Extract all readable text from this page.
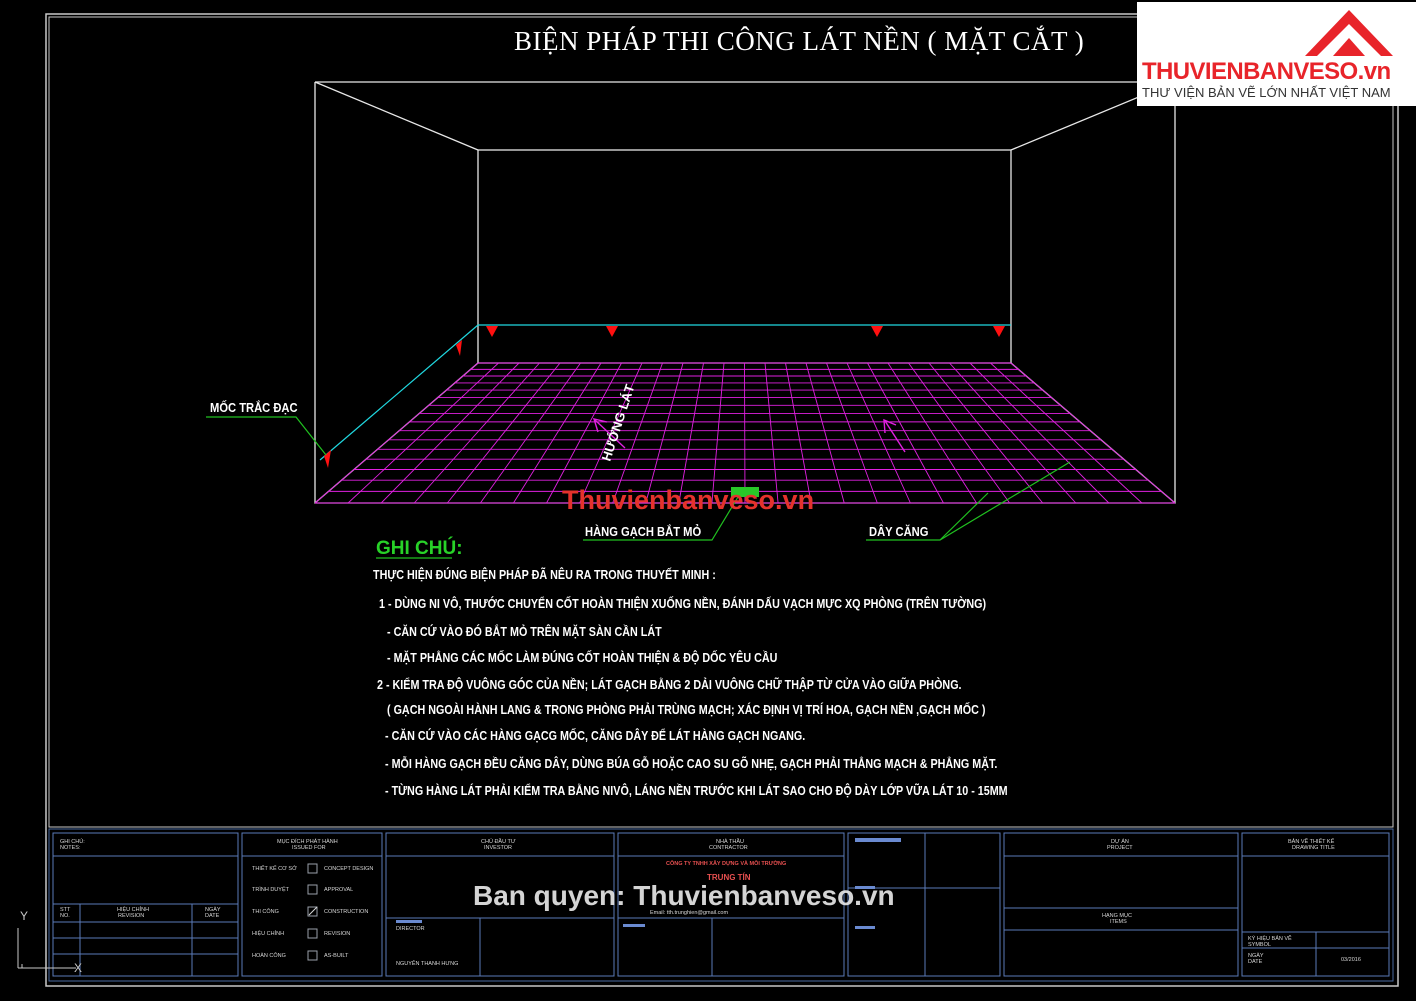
Y
X
HƯỚNG LÁT
BIỆN PHÁP THI CÔNG LÁT NỀN ( MẶT CẮT )
MỐC TRẮC ĐẠC
HÀNG GẠCH BẮT MỎ	DÂY CĂNG
GHI CHÚ:
THỰC HIỆN ĐÚNG BIỆN PHÁP ĐÃ NÊU RA TRONG THUYẾT MINH :
1 - DÙNG NI VÔ, THƯỚC CHUYỂN CỐT HOÀN THIỆN XUỐNG NỀN, ĐÁNH DẤU VẠCH MỰC XQ PHÒNG (TRÊN TƯỜNG)
- CĂN CỨ VÀO ĐÓ BẮT MỎ TRÊN MẶT SÀN CẦN LÁT
- MẶT PHẲNG CÁC MỐC LÀM ĐÚNG CỐT HOÀN THIỆN & ĐỘ DỐC YÊU CẦU
2 - KIỂM TRA ĐỘ VUÔNG GÓC CỦA NỀN; LÁT GẠCH BẰNG 2 DẢI VUÔNG CHỮ THẬP TỪ CỬA VÀO GIỮA PHÒNG.
( GẠCH NGOÀI HÀNH LANG & TRONG PHÒNG PHẢI TRÙNG MẠCH; XÁC ĐỊNH VỊ TRÍ HOA, GẠCH NỀN ,GẠCH MỐC )
- CĂN CỨ VÀO CÁC HÀNG GẠCG MỐC, CĂNG DÂY ĐỂ LÁT HÀNG GẠCH NGANG.
- MỖI HÀNG GẠCH ĐỀU CĂNG DÂY, DÙNG BÚA GỖ HOẶC CAO SU GÕ NHẸ, GẠCH PHẢI THẲNG MẠCH & PHẲNG MẶT.
- TỪNG HÀNG LÁT PHẢI KIỂM TRA BẰNG NIVÔ, LÁNG NỀN TRƯỚC KHI LÁT SAO CHO ĐỘ DÀY LỚP VỮA LÁT 10 - 15MM
GHI CHÚ:
NOTES:
STT
NO.
HIỆU CHỈNH
REVISION
NGÀY
DATE
MỤC ĐÍCH PHÁT HÀNH
ISSUED FOR
THIẾT KẾ CƠ SỞ	CONCEPT DESIGN
TRÌNH DUYỆT	APPROVAL
THI CÔNG	CONSTRUCTION
HIỆU CHỈNH	REVISION
HOÀN CÔNG	AS-BUILT
CHỦ ĐẦU TƯ
INVESTOR
DIRECTOR
NGUYỄN THANH HƯNG
NHÀ THẦU
CONTRACTOR
CÔNG TY TNHH XÂY DỰNG VÀ MÔI TRƯỜNG
TRUNG TÍN
Email: tth.trunghien@gmail.com
DỰ ÁN
PROJECT
HẠNG MỤC
ITEMS
BẢN VẼ THIẾT KẾ
DRAWING TITLE
KÝ HIỆU BẢN VẼ
SYMBOL
NGÀY
DATE	03/2016
Thuvienbanveso.vn
Ban quyen: Thuvienbanveso.vn
THUVIENBANVESO.vn
THƯ VIỆN BẢN VẼ LỚN NHẤT VIỆT NAM
